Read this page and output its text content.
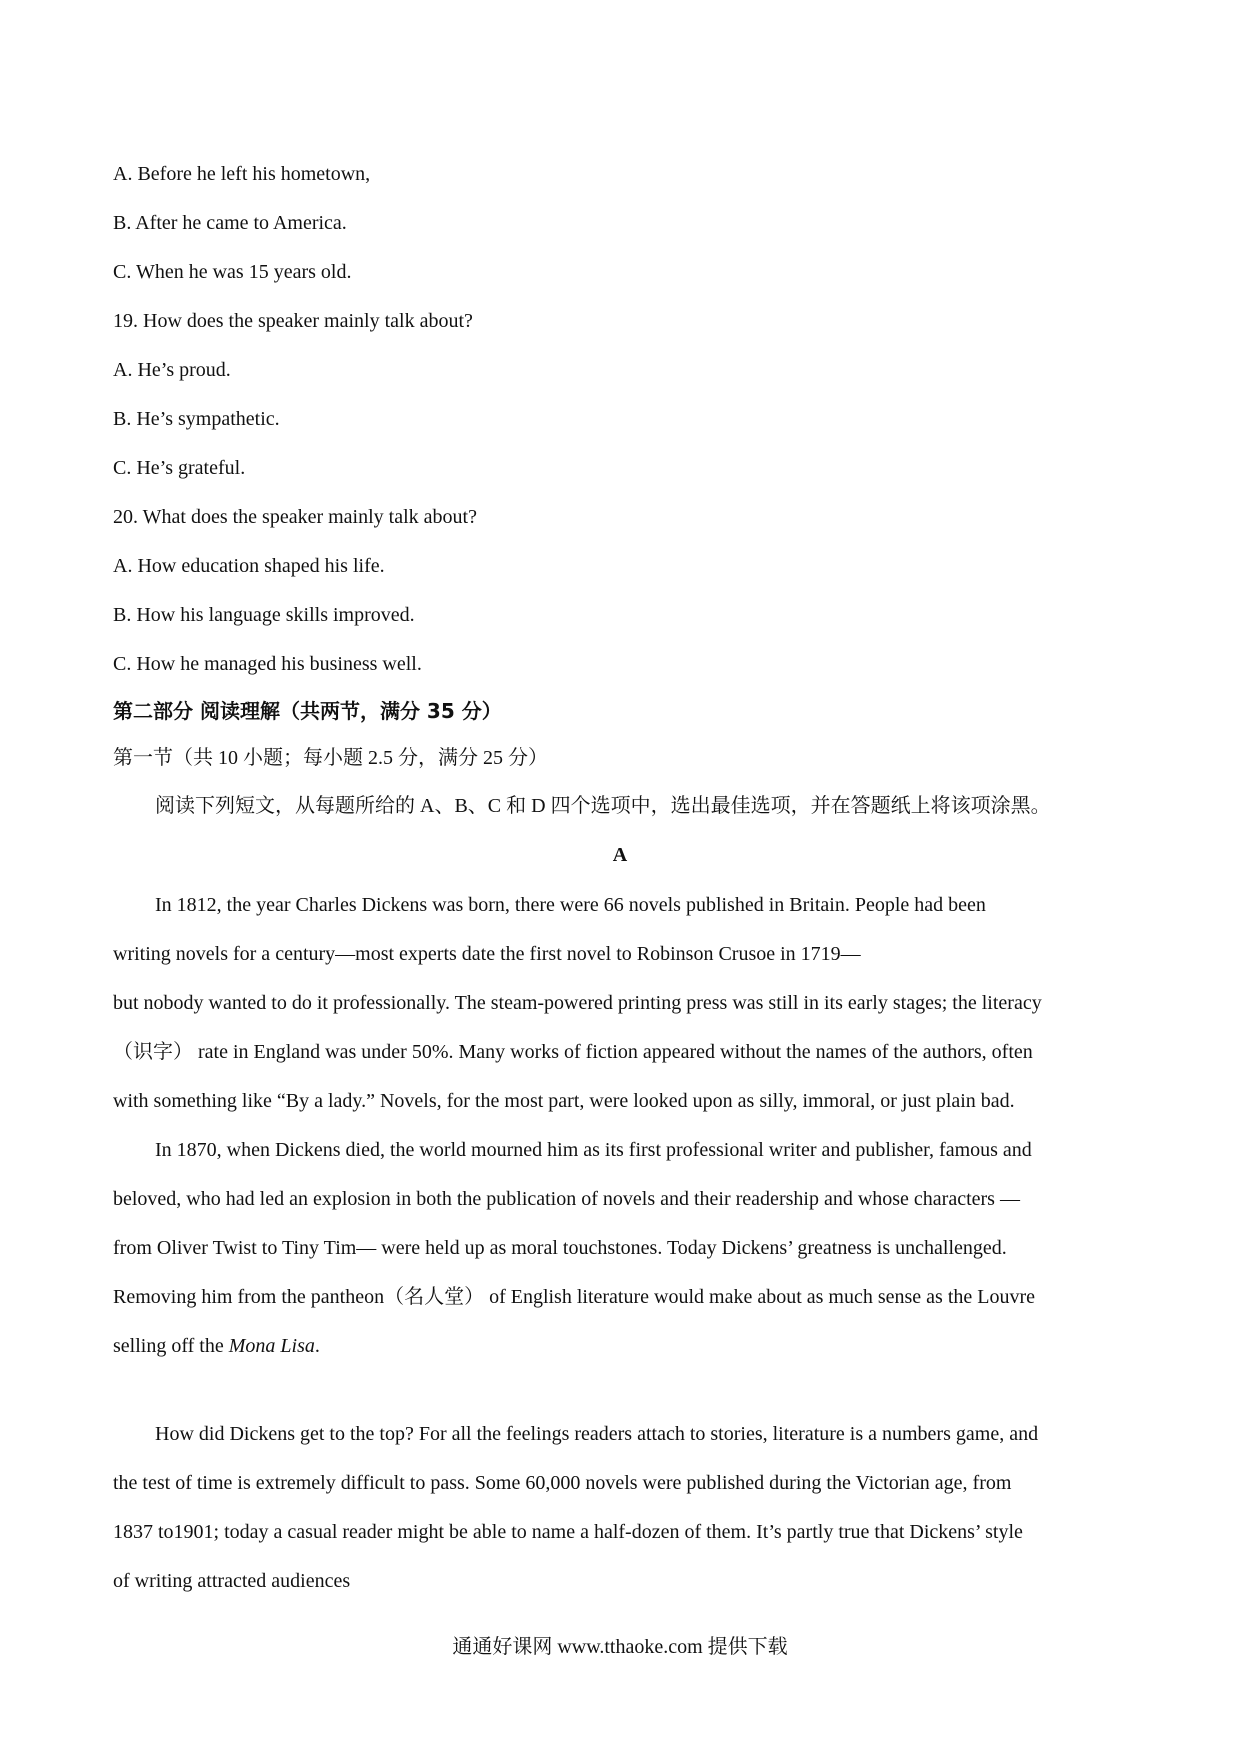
A. Before he left his hometown,
B. After he came to America.
C. When he was 15 years old.
19. How does the speaker mainly talk about?
A. He’s proud.
B. He’s sympathetic.
C. He’s grateful.
20. What does the speaker mainly talk about?
A. How education shaped his life.
B. How his language skills improved.
C. How he managed his business well.
第二部分 阅读理解（共两节，满分 35 分）
第一节（共 10 小题；每小题 2.5 分，满分 25 分）
阅读下列短文，从每题所给的 A、B、C 和 D 四个选项中，选出最佳选项，并在答题纸上将该项涂黑。
A
In 1812, the year Charles Dickens was born, there were 66 novels published in Britain. People had been
writing novels for a century—most experts date the first novel to Robinson Crusoe in 1719—
but nobody wanted to do it professionally. The steam-powered printing press was still in its early stages; the literacy
（识字） rate in England was under 50%. Many works of fiction appeared without the names of the authors, often
with something like “By a lady.” Novels, for the most part, were looked upon as silly, immoral, or just plain bad.
In 1870, when Dickens died, the world mourned him as its first professional writer and publisher, famous and
beloved, who had led an explosion in both the publication of novels and their readership and whose characters —
from Oliver Twist to Tiny Tim— were held up as moral touchstones. Today Dickens’ greatness is unchallenged.
Removing him from the pantheon（名人堂） of English literature would make about as much sense as the Louvre
selling off the Mona Lisa.
How did Dickens get to the top? For all the feelings readers attach to stories, literature is a numbers game, and
the test of time is extremely difficult to pass. Some 60,000 novels were published during the Victorian age, from
1837 to1901; today a casual reader might be able to name a half-dozen of them. It’s partly true that Dickens’ style
of writing attracted audiences
通通好课网 www.tthaoke.com 提供下载
